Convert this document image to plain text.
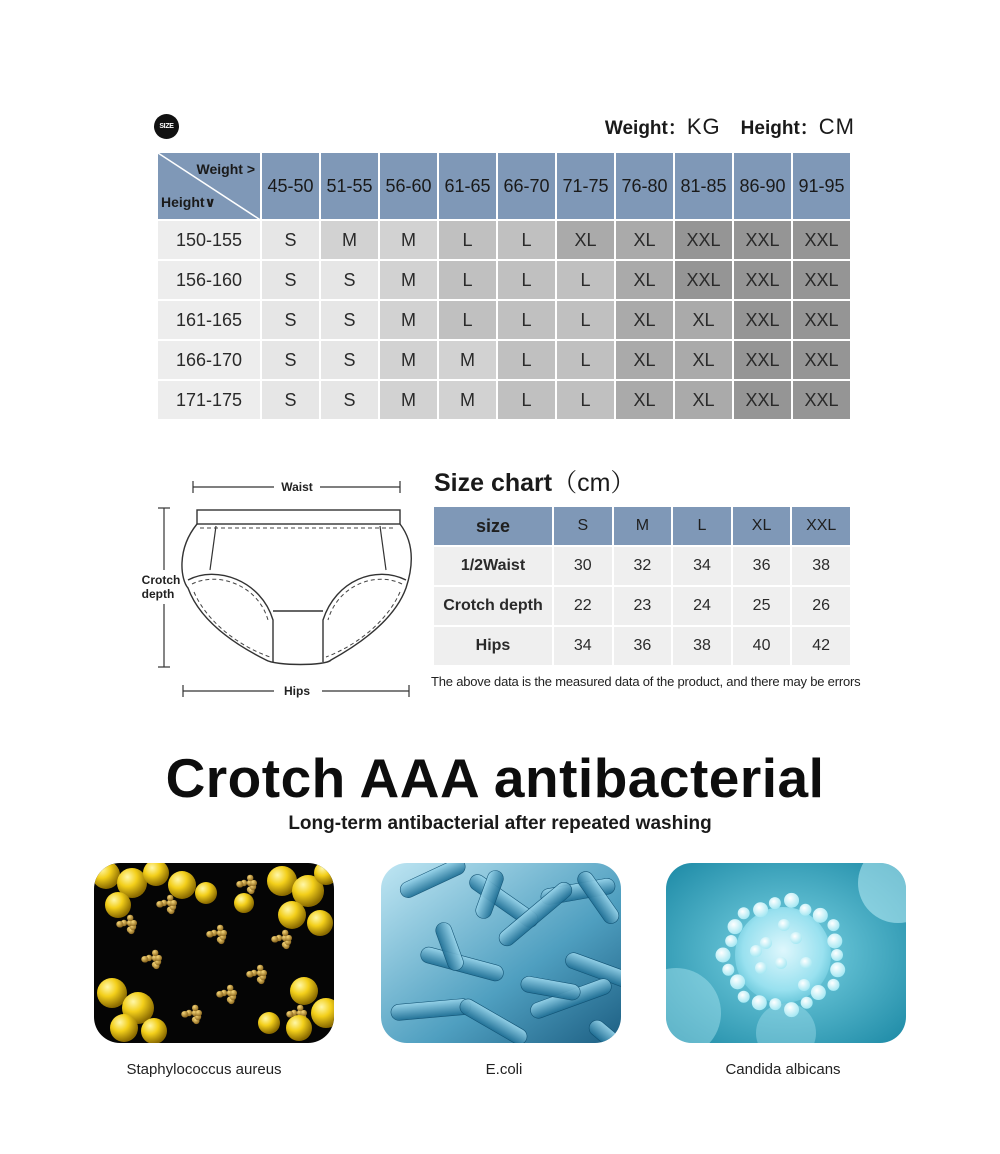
SIZE	Weight：KG Height：CM
Weight >
Height∨	45-50	51-55	56-60	61-65	66-70	71-75	76-80	81-85	86-90	91-95
150-155	S	M	M	L	L	XL	XL	XXL	XXL	XXL
156-160	S	S	M	L	L	L	XL	XXL	XXL	XXL
161-165	S	S	M	L	L	L	XL	XL	XXL	XXL
166-170	S	S	M	M	L	L	XL	XL	XXL	XXL
171-175	S	S	M	M	L	L	XL	XL	XXL	XXL
Waist
Crotch
depth
Hips
Size chart（cm）
size	S	M	L	XL	XXL
1/2Waist	30	32	34	36	38
Crotch depth	22	23	24	25	26
Hips	34	36	38	40	42
The above data is the measured data of the product, and there may be errors
Crotch AAA antibacterial
Long-term antibacterial after repeated washing
Staphylococcus aureus	E.coli	Candida albicans
